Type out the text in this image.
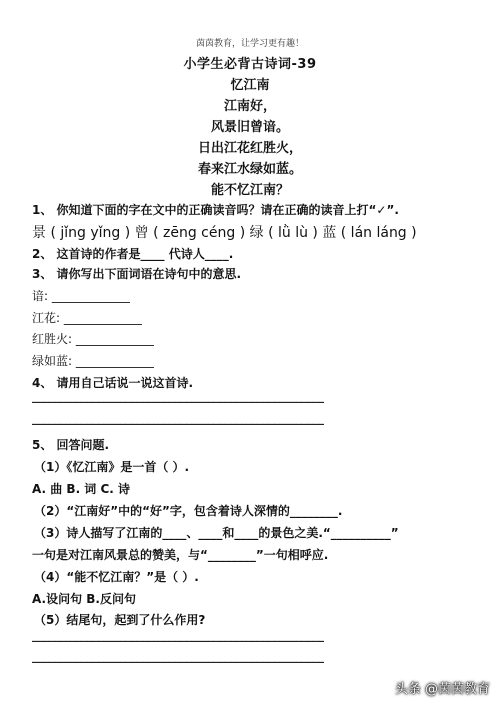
茵茵教育，让学习更有趣！
小学生必背古诗词-39
忆江南
江南好，
风景旧曾谙。
日出江花红胜火，
春来江水绿如蓝。
能不忆江南？
1、 你知道下面的字在文中的正确读音吗？请在正确的读音上打“✓”.
景 ( jǐng yǐng ) 曾 ( zēng céng ) 绿 ( lǜ lù ) 蓝 ( lán láng )
2、 这首诗的作者是____ 代诗人____.
3、 请你写出下面词语在诗句中的意思.
谙: _____________
江花: _____________
红胜火: _____________
绿如蓝: _____________
4、 请用自己话说一说这首诗.
_____________________________________________________
_____________________________________________________
5、 回答问题.
（1）《忆江南》是一首（ ）.
A. 曲 B. 词 C. 诗
（2）“江南好”中的“好”字，包含着诗人深情的________.
（3）诗人描写了江南的____、____和____的景色之美.“__________”
一句是对江南风景总的赞美，与“________”一句相呼应.
（4）“能不忆江南？”是（ ）.
A.设问句 B.反问句
（5）结尾句，起到了什么作用?
_____________________________________________________
_____________________________________________________
头条 @茵茵教育
